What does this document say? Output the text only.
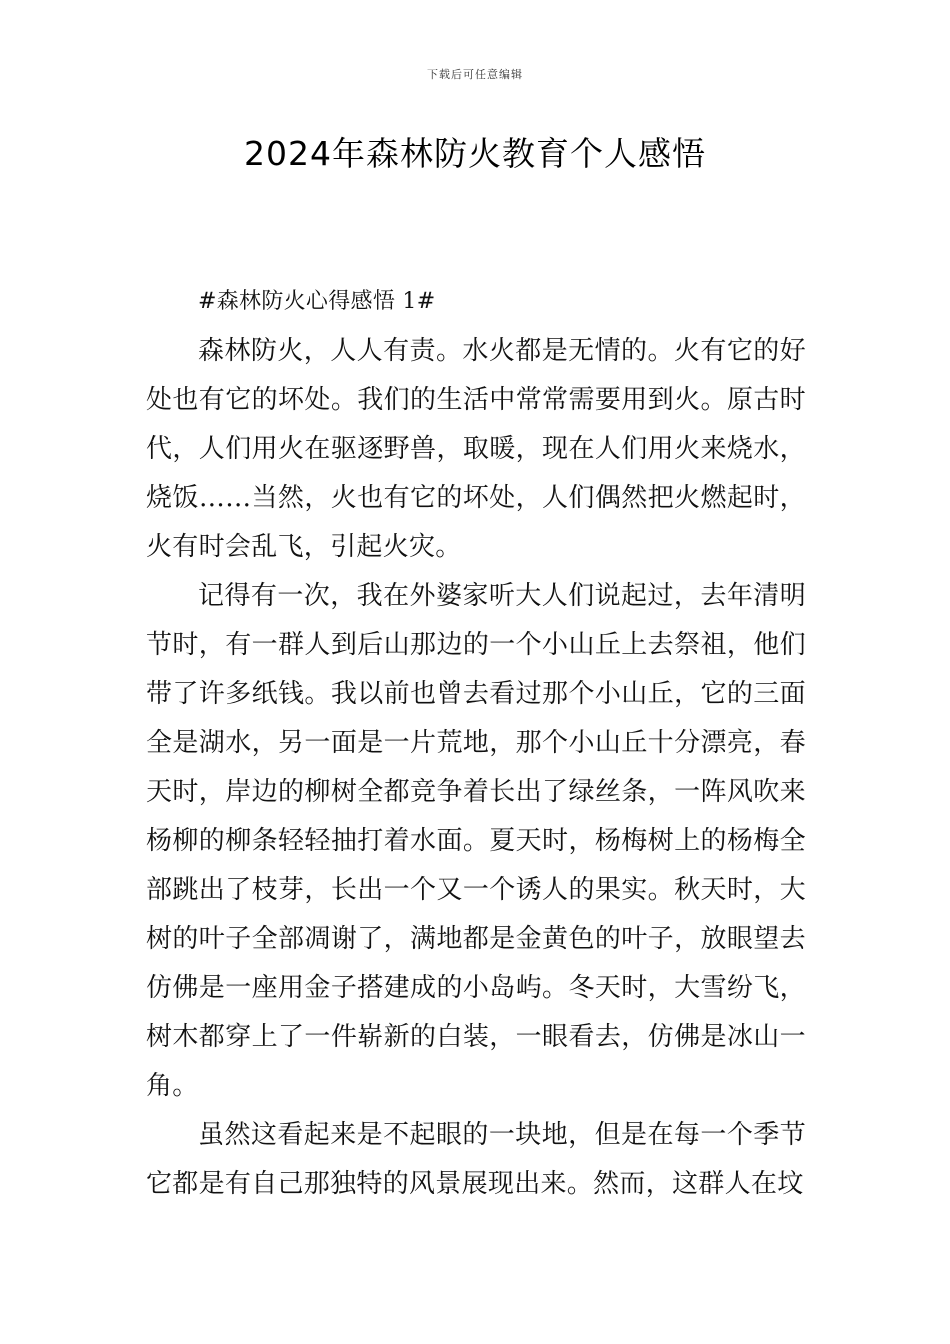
下载后可任意编辑
2024年森林防火教育个人感悟

#森林防火心得感悟 1#

森林防火，人人有责。水火都是无情的。火有它的好处也有它的坏处。我们的生活中常常需要用到火。原古时代，人们用火在驱逐野兽，取暖，现在人们用火来烧水，烧饭……当然，火也有它的坏处，人们偶然把火燃起时，火有时会乱飞，引起火灾。

记得有一次，我在外婆家听大人们说起过，去年清明节时，有一群人到后山那边的一个小山丘上去祭祖，他们带了许多纸钱。我以前也曾去看过那个小山丘，它的三面全是湖水，另一面是一片荒地，那个小山丘十分漂亮，春天时，岸边的柳树全都竞争着长出了绿丝条，一阵风吹来杨柳的柳条轻轻抽打着水面。夏天时，杨梅树上的杨梅全部跳出了枝芽，长出一个又一个诱人的果实。秋天时，大树的叶子全部凋谢了，满地都是金黄色的叶子，放眼望去仿佛是一座用金子搭建成的小岛屿。冬天时，大雪纷飞，树木都穿上了一件崭新的白装，一眼看去，仿佛是冰山一角。

虽然这看起来是不起眼的一块地，但是在每一个季节它都是有自己那独特的风景展现出来。然而，这群人在坟
